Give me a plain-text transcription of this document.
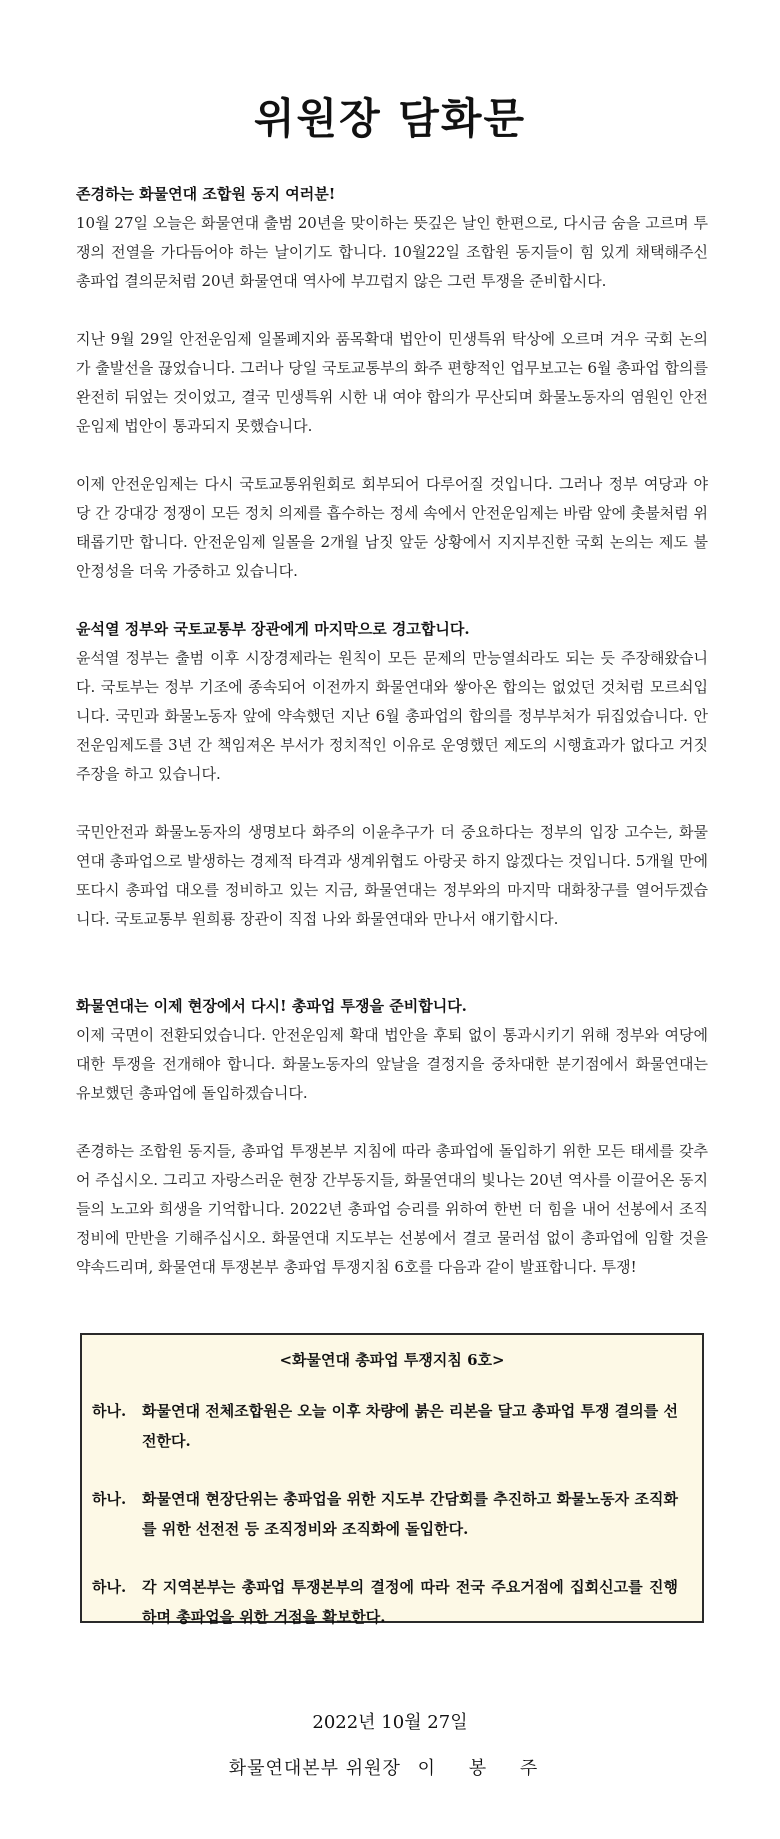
위원장 담화문

존경하는 화물연대 조합원 동지 여러분!

10월 27일 오늘은 화물연대 출범 20년을 맞이하는 뜻깊은 날인 한편으로, 다시금 숨을 고르며 투쟁의 전열을 가다듬어야 하는 날이기도 합니다. 10월22일 조합원 동지들이 힘 있게 채택해주신 총파업 결의문처럼 20년 화물연대 역사에 부끄럽지 않은 그런 투쟁을 준비합시다.

지난 9월 29일 안전운임제 일몰폐지와 품목확대 법안이 민생특위 탁상에 오르며 겨우 국회 논의가 출발선을 끊었습니다. 그러나 당일 국토교통부의 화주 편향적인 업무보고는 6월 총파업 합의를 완전히 뒤엎는 것이었고, 결국 민생특위 시한 내 여야 합의가 무산되며 화물노동자의 염원인 안전운임제 법안이 통과되지 못했습니다.

이제 안전운임제는 다시 국토교통위원회로 회부되어 다루어질 것입니다. 그러나 정부 여당과 야당 간 강대강 정쟁이 모든 정치 의제를 흡수하는 정세 속에서 안전운임제는 바람 앞에 촛불처럼 위태롭기만 합니다. 안전운임제 일몰을 2개월 남짓 앞둔 상황에서 지지부진한 국회 논의는 제도 불안정성을 더욱 가중하고 있습니다.

윤석열 정부와 국토교통부 장관에게 마지막으로 경고합니다.

윤석열 정부는 출범 이후 시장경제라는 원칙이 모든 문제의 만능열쇠라도 되는 듯 주장해왔습니다. 국토부는 정부 기조에 종속되어 이전까지 화물연대와 쌓아온 합의는 없었던 것처럼 모르쇠입니다. 국민과 화물노동자 앞에 약속했던 지난 6월 총파업의 합의를 정부부처가 뒤집었습니다. 안전운임제도를 3년 간 책임져온 부서가 정치적인 이유로 운영했던 제도의 시행효과가 없다고 거짓 주장을 하고 있습니다.

국민안전과 화물노동자의 생명보다 화주의 이윤추구가 더 중요하다는 정부의 입장 고수는, 화물연대 총파업으로 발생하는 경제적 타격과 생계위협도 아랑곳 하지 않겠다는 것입니다. 5개월 만에 또다시 총파업 대오를 정비하고 있는 지금, 화물연대는 정부와의 마지막 대화창구를 열어두겠습니다. 국토교통부 원희룡 장관이 직접 나와 화물연대와 만나서 얘기합시다.

화물연대는 이제 현장에서 다시! 총파업 투쟁을 준비합니다.

이제 국면이 전환되었습니다. 안전운임제 확대 법안을 후퇴 없이 통과시키기 위해 정부와 여당에 대한 투쟁을 전개해야 합니다. 화물노동자의 앞날을 결정지을 중차대한 분기점에서 화물연대는 유보했던 총파업에 돌입하겠습니다.

존경하는 조합원 동지들, 총파업 투쟁본부 지침에 따라 총파업에 돌입하기 위한 모든 태세를 갖추어 주십시오. 그리고 자랑스러운 현장 간부동지들, 화물연대의 빛나는 20년 역사를 이끌어온 동지들의 노고와 희생을 기억합니다. 2022년 총파업 승리를 위하여 한번 더 힘을 내어 선봉에서 조직 정비에 만반을 기해주십시오. 화물연대 지도부는 선봉에서 결코 물러섬 없이 총파업에 임할 것을 약속드리며, 화물연대 투쟁본부 총파업 투쟁지침 6호를 다음과 같이 발표합니다. 투쟁!

<화물연대 총파업 투쟁지침 6호>
하나.	화물연대 전체조합원은 오늘 이후 차량에 붉은 리본을 달고 총파업 투쟁 결의를 선전한다.
하나.	화물연대 현장단위는 총파업을 위한 지도부 간담회를 추진하고 화물노동자 조직화를 위한 선전전 등 조직정비와 조직화에 돌입한다.
하나.	각 지역본부는 총파업 투쟁본부의 결정에 따라 전국 주요거점에 집회신고를 진행하며 총파업을 위한 거점을 확보한다.
2022년 10월 27일
화물연대본부 위원장 이 봉 주
